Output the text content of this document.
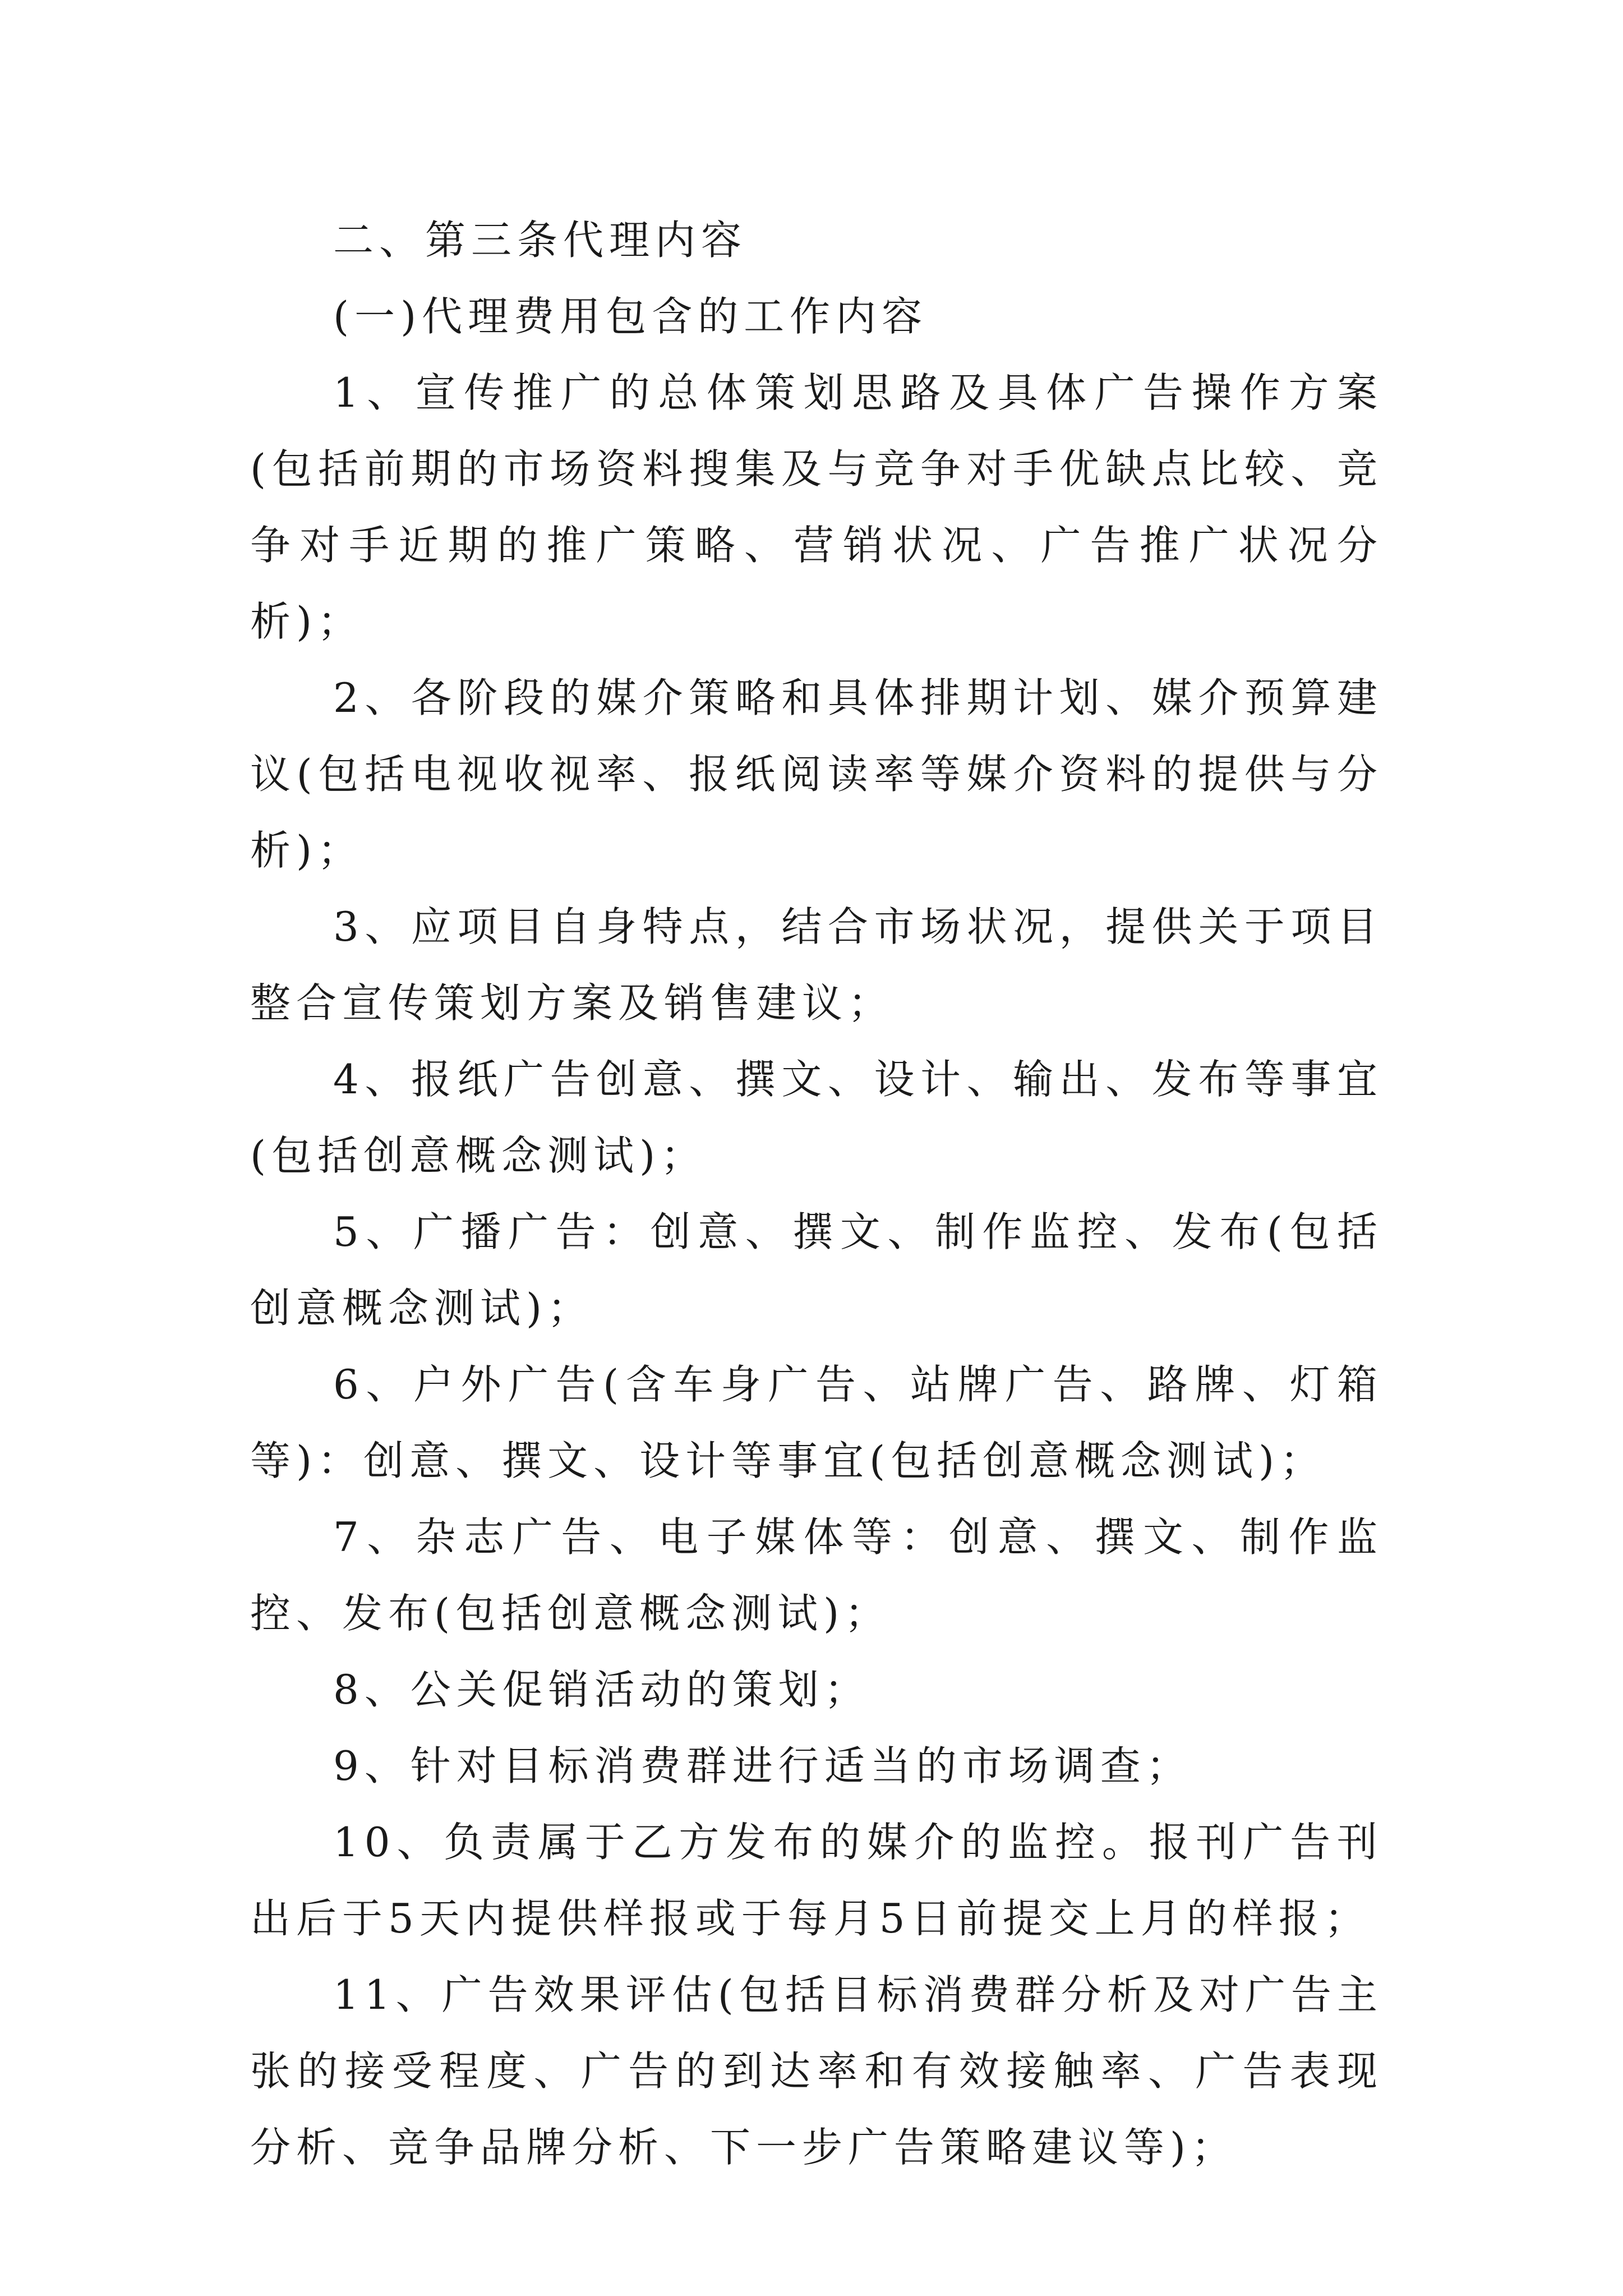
二、第三条代理内容

(一)代理费用包含的工作内容

1、宣传推广的总体策划思路及具体广告操作方案(包括前期的市场资料搜集及与竞争对手优缺点比较、竞争对手近期的推广策略、营销状况、广告推广状况分析)；

2、各阶段的媒介策略和具体排期计划、媒介预算建议(包括电视收视率、报纸阅读率等媒介资料的提供与分析)；

3、应项目自身特点，结合市场状况，提供关于项目整合宣传策划方案及销售建议；

4、报纸广告创意、撰文、设计、输出、发布等事宜(包括创意概念测试)；

5、广播广告：创意、撰文、制作监控、发布(包括创意概念测试)；

6、户外广告(含车身广告、站牌广告、路牌、灯箱等)：创意、撰文、设计等事宜(包括创意概念测试)；

7、杂志广告、电子媒体等：创意、撰文、制作监控、发布(包括创意概念测试)；

8、公关促销活动的策划；

9、针对目标消费群进行适当的市场调查；

10、负责属于乙方发布的媒介的监控。报刊广告刊出后于5天内提供样报或于每月5日前提交上月的样报；

11、广告效果评估(包括目标消费群分析及对广告主张的接受程度、广告的到达率和有效接触率、广告表现分析、竞争品牌分析、下一步广告策略建议等)；
